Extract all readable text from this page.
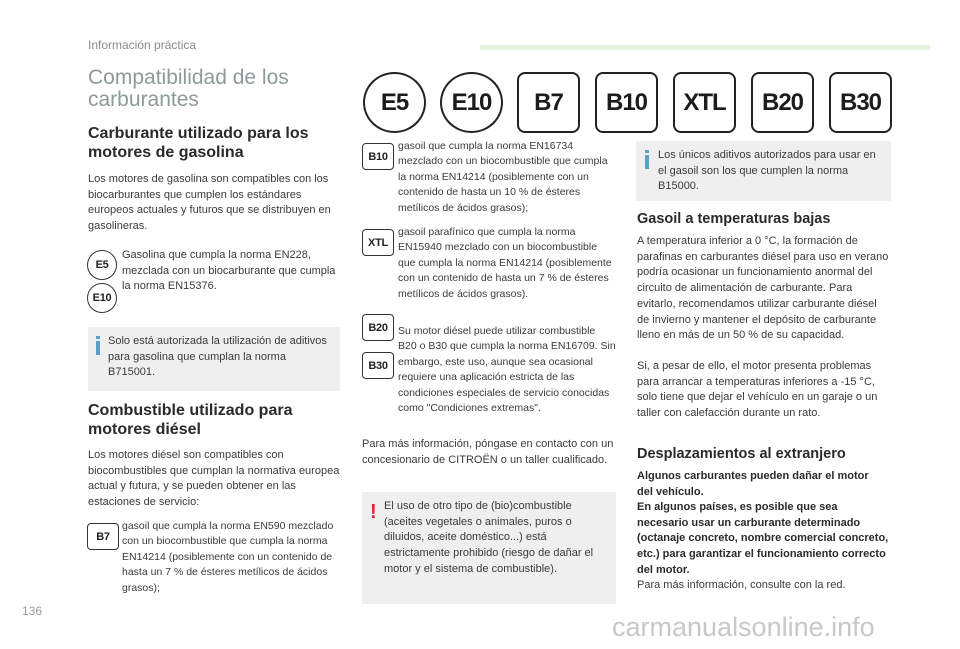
Información práctica
Compatibilidad de los carburantes	E5	E10	B7	B10	XTL	B20	B30
Carburante utilizado para los motores de gasolina

Los motores de gasolina son compatibles con los biocarburantes que cumplen los estándares europeos actuales y futuros que se distribuyen en gasolineras.

E5
E10

Gasolina que cumpla la norma EN228, mezclada con un biocarburante que cumpla la norma EN15376.

Solo está autorizada la utilización de aditivos para gasolina que cumplan la norma B715001.

Combustible utilizado para motores diésel

Los motores diésel son compatibles con biocombustibles que cumplan la normativa europea actual y futura, y se pueden obtener en las estaciones de servicio:

B7

gasoil que cumpla la norma EN590 mezclado con un biocombustible que cumpla la norma EN14214 (posiblemente con un contenido de hasta un 7 % de ésteres metílicos de ácidos grasos);

B10

gasoil que cumpla la norma EN16734 mezclado con un biocombustible que cumpla la norma EN14214 (posiblemente con un contenido de hasta un 10 % de ésteres metílicos de ácidos grasos);

XTL

gasoil parafínico que cumpla la norma EN15940 mezclado con un biocombustible que cumpla la norma EN14214 (posiblemente con un contenido de hasta un 7 % de ésteres metílicos de ácidos grasos).

B20
B30

Su motor diésel puede utilizar combustible B20 o B30 que cumpla la norma EN16709. Sin embargo, este uso, aunque sea ocasional requiere una aplicación estricta de las condiciones especiales de servicio conocidas como "Condiciones extremas".

Para más información, póngase en contacto con un concesionario de CITROËN o un taller cualificado.

! El uso de otro tipo de (bio)combustible (aceites vegetales o animales, puros o diluidos, aceite doméstico...) está estrictamente prohibido (riesgo de dañar el motor y el sistema de combustible).

Los únicos aditivos autorizados para usar en el gasoil son los que cumplen la norma B15000.

Gasoil a temperaturas bajas

A temperatura inferior a 0 °C, la formación de parafinas en carburantes diésel para uso en verano podría ocasionar un funcionamiento anormal del circuito de alimentación de carburante. Para evitarlo, recomendamos utilizar carburante diésel de invierno y mantener el depósito de carburante lleno en más de un 50 % de su capacidad.

Si, a pesar de ello, el motor presenta problemas para arrancar a temperaturas inferiores a -15 °C, solo tiene que dejar el vehículo en un garaje o un taller con calefacción durante un rato.

Desplazamientos al extranjero

Algunos carburantes pueden dañar el motor del vehículo.

En algunos países, es posible que sea necesario usar un carburante determinado (octanaje concreto, nombre comercial concreto, etc.) para garantizar el funcionamiento correcto del motor.

Para más información, consulte con la red.

136
carmanualsonline.info
